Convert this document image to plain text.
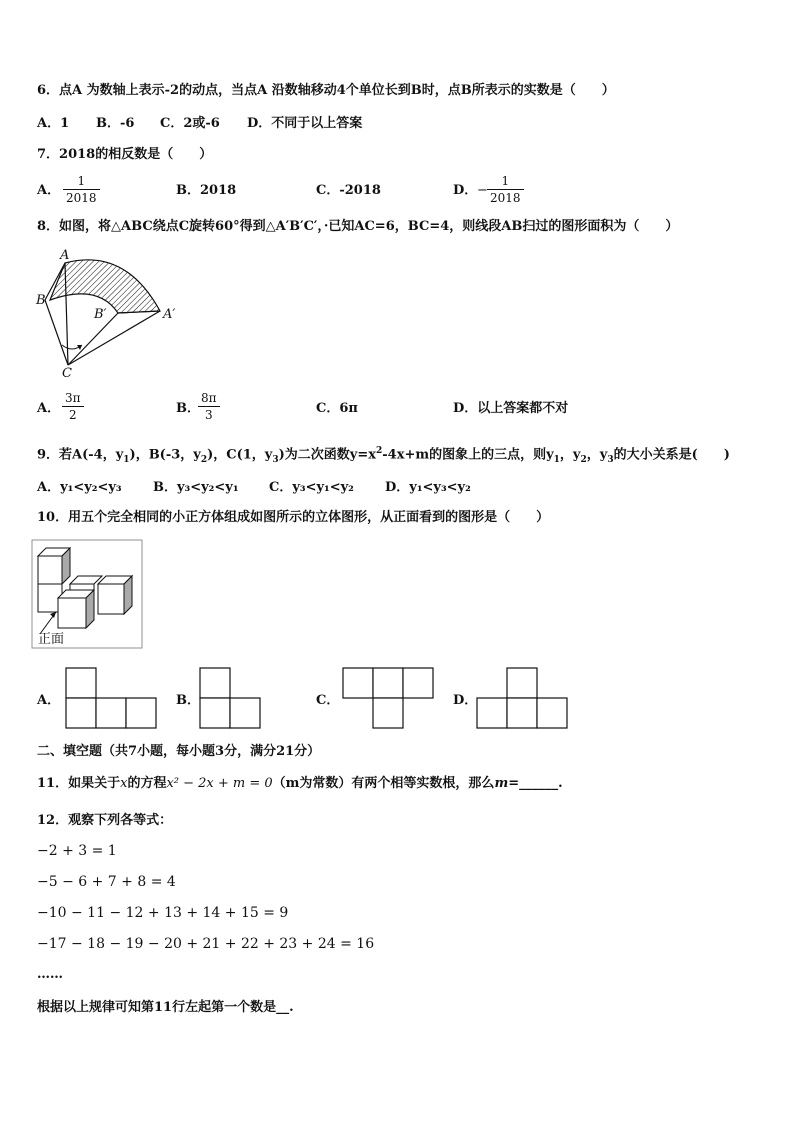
6．点A 为数轴上表示-2的动点，当点A 沿数轴移动4个单位长到B时，点B所表示的实数是（　　）
A．1 B．-6 C．2或-6 D．不同于以上答案
7．2018的相反数是（　　）
A． $\frac{1}{2018}$	B．2018	C．-2018	D． − $\frac{1}{2018}$
8．如图，将△ABC绕点C旋转60°得到△A′B′C′，·已知AC=6，BC=4，则线段AB扫过的图形面积为（　　）
A
B
B′	A′
C
A． $\frac{3\pi}{2}$	B．
$\frac{8\pi}{3}$	C．6π	D．以上答案都不对
9．若A(-4，$y_1$)，B(-3，$y_2$)，C(1，$y_3$)为二次函数$y=x^2-4x+m$的图象上的三点，则$y_1$，$y_2$，$y_3$的大小关系是(　　)
A．y₁<y₂<y₃ B．y₃<y₂<y₁ C．y₃<y₁<y₂ D．y₁<y₃<y₂
10．用五个完全相同的小正方体组成如图所示的立体图形，从正面看到的图形是（　　）
正面
A．	B．	C．	D．
二、填空题（共7小题，每小题3分，满分21分）
11．如果关于x的方程x² − 2x + m = 0（m为常数）有两个相等实数根，那么m=______.
12．观察下列各等式：
−2 + 3 = 1
−5 − 6 + 7 + 8 = 4
−10 − 11 − 12 + 13 + 14 + 15 = 9
−17 − 18 − 19 − 20 + 21 + 22 + 23 + 24 = 16
……
根据以上规律可知第11行左起第一个数是__.
